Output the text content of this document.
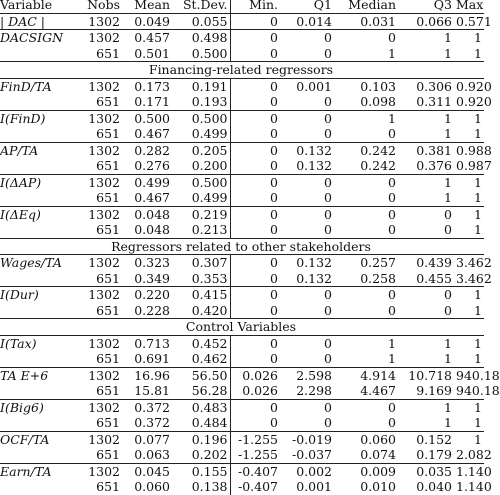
Variable	Nobs	Mean	St.Dev.	Min.	Q1	Median	Q3	Max
| DAC |	1302	0.049	0.055	0	0.014	0.031	0.066	0.571
DACSIGN	1302	0.457	0.498	0	0	0	1	1
	651	0.501	0.500	0	0	1	1	1
Financing-related regressors								
FinD/TA	1302	0.173	0.191	0	0.001	0.103	0.306	0.920
	651	0.171	0.193	0	0	0.098	0.311	0.920
I(FinD)	1302	0.500	0.500	0	0	1	1	1
	651	0.467	0.499	0	0	0	1	1
AP/TA	1302	0.282	0.205	0	0.132	0.242	0.381	0.988
	651	0.276	0.200	0	0.132	0.242	0.376	0.987
I(ΔAP)	1302	0.499	0.500	0	0	0	1	1
	651	0.467	0.499	0	0	0	1	1
I(ΔEq)	1302	0.048	0.219	0	0	0	0	1
	651	0.048	0.213	0	0	0	0	1
Regressors related to other stakeholders								
Wages/TA	1302	0.323	0.307	0	0.132	0.257	0.439	3.462
	651	0.349	0.353	0	0.132	0.258	0.455	3.462
I(Dur)	1302	0.220	0.415	0	0	0	0	1
	651	0.228	0.420	0	0	0	0	1
Control Variables								
I(Tax)	1302	0.713	0.452	0	0	1	1	1
	651	0.691	0.462	0	0	1	1	1
TA E+6	1302	16.96	56.50	0.026	2.598	4.914	10.718	940.18
	651	15.81	56.28	0.026	2.298	4.467	9.169	940.18
I(Big6)	1302	0.372	0.483	0	0	0	1	1
	651	0.372	0.484	0	0	0	1	1
OCF/TA	1302	0.077	0.196	-1.255	-0.019	0.060	0.152	1
	651	0.063	0.202	-1.255	-0.037	0.074	0.179	2.082
Earn/TA	1302	0.045	0.155	-0.407	0.002	0.009	0.035	1.140
	651	0.060	0.138	-0.407	0.001	0.010	0.040	1.140
